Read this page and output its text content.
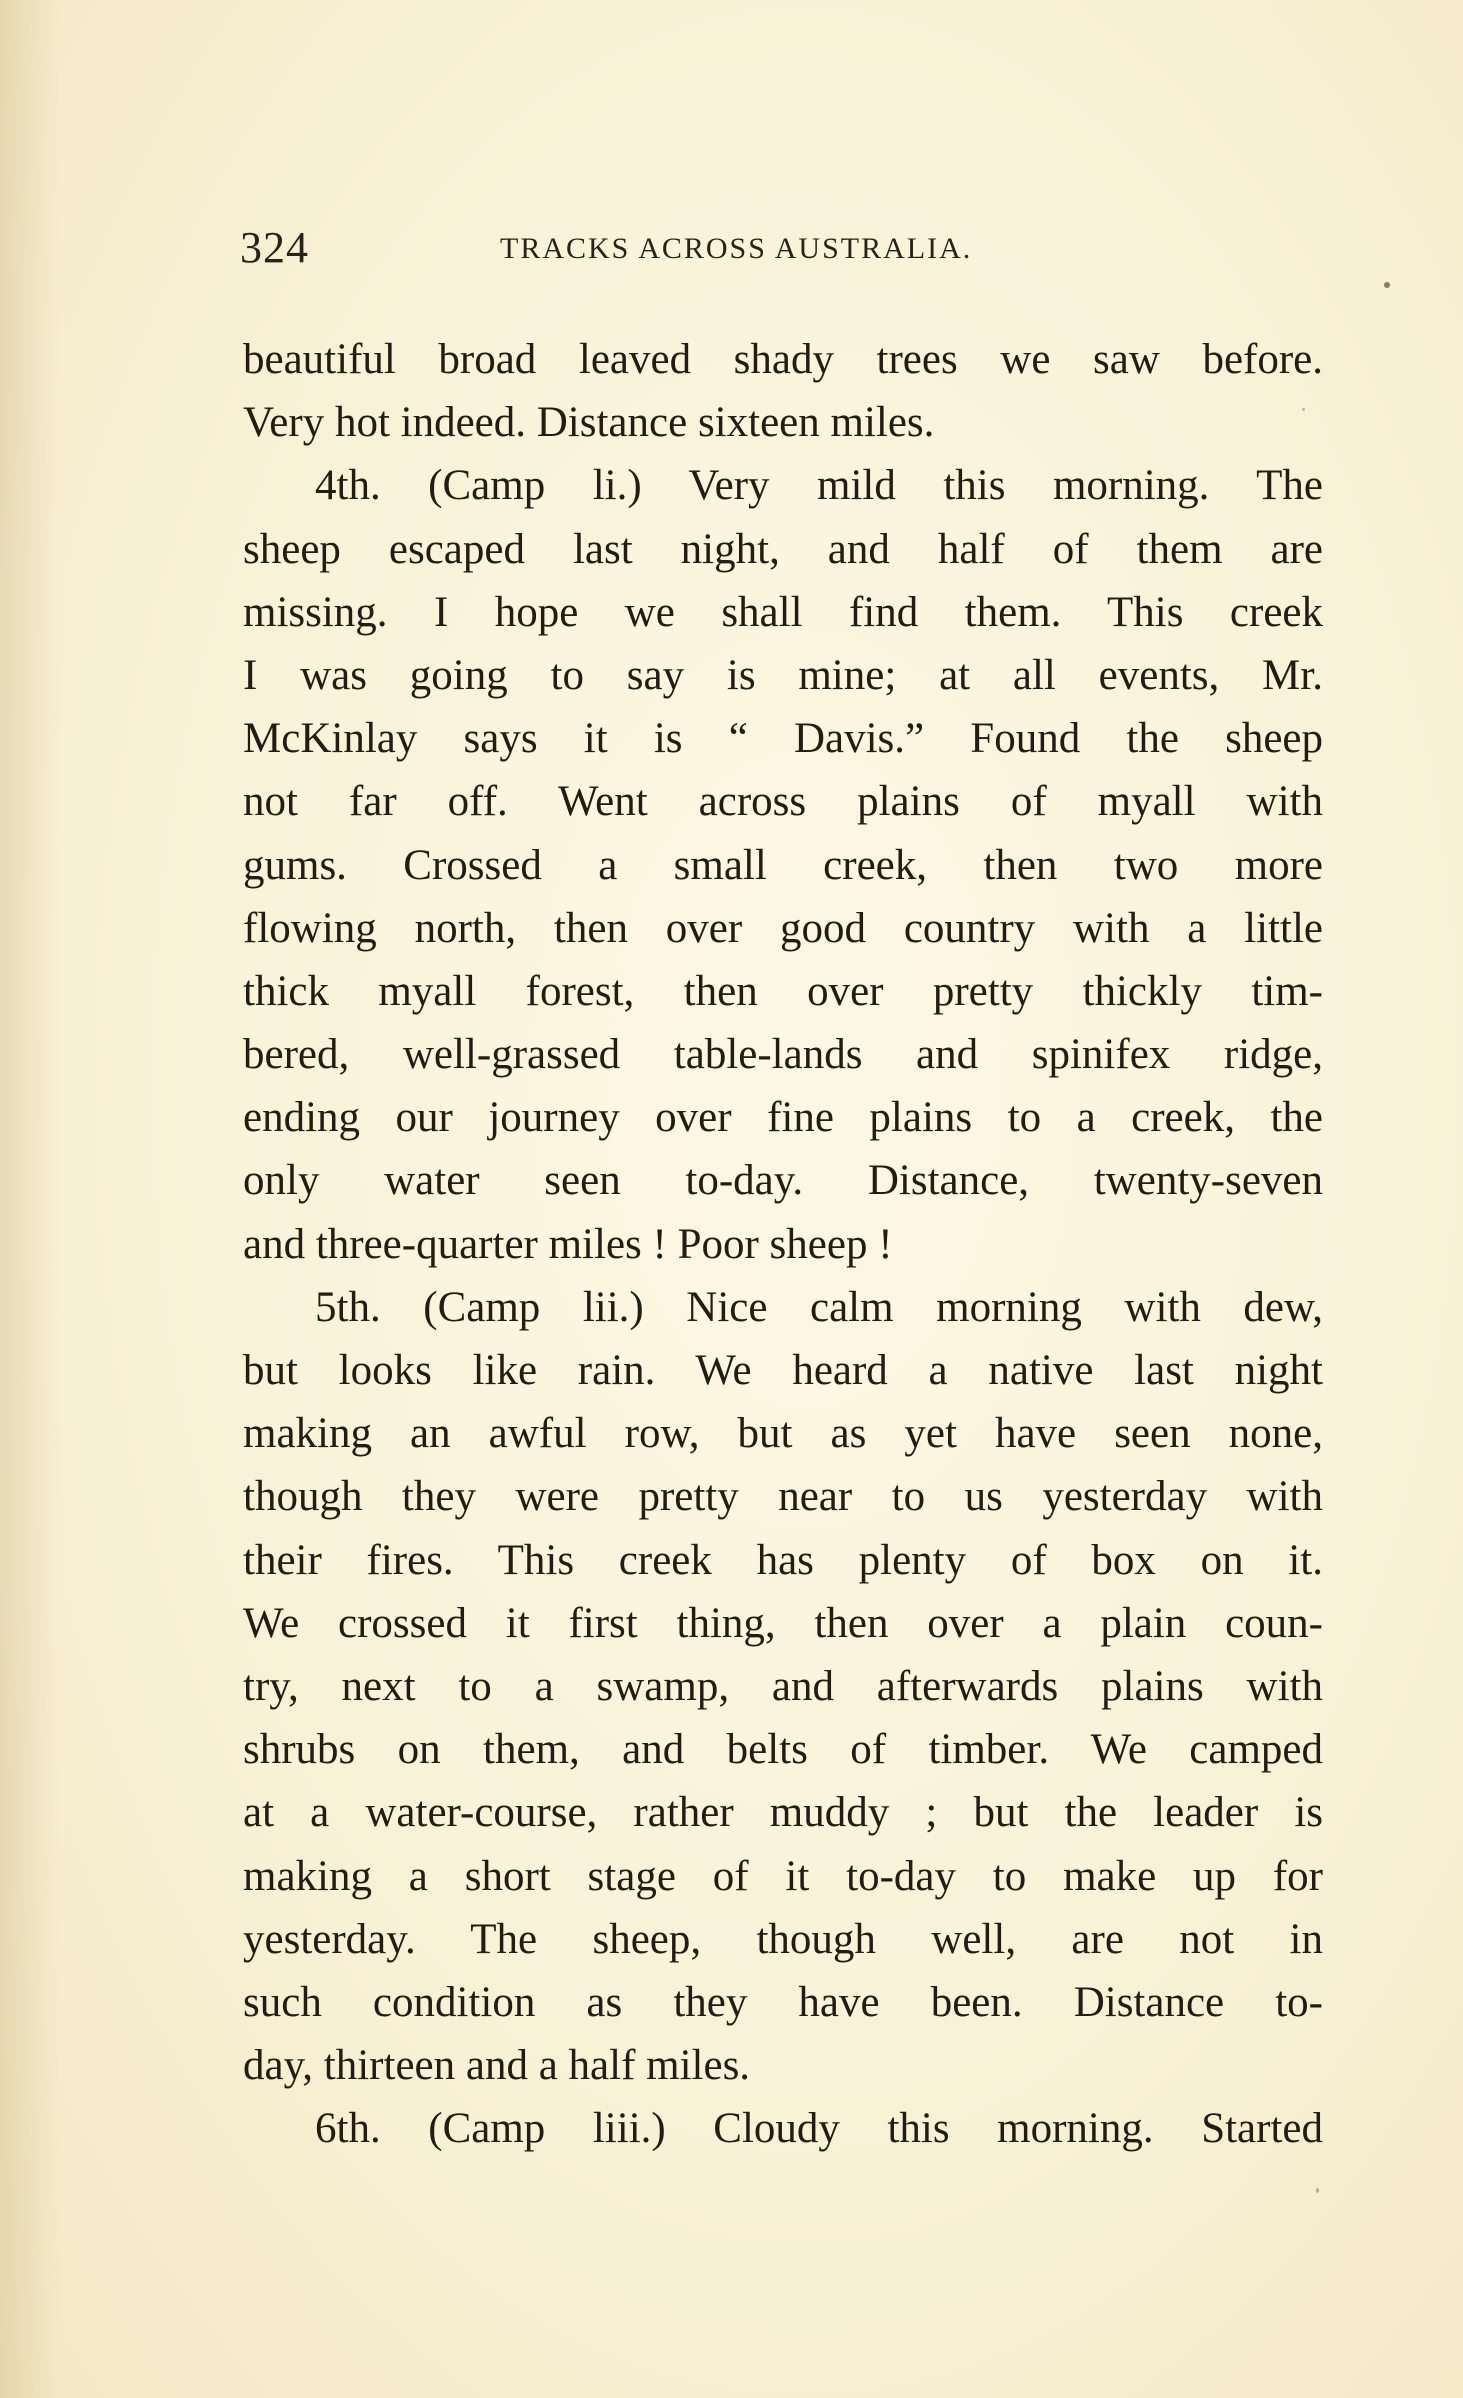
324	TRACKS ACROSS AUSTRALIA.
beautiful broad leaved shady trees we saw before.
Very hot indeed. Distance sixteen miles.
4th. (Camp li.) Very mild this morning. The
sheep escaped last night, and half of them are
missing. I hope we shall find them. This creek
I was going to say is mine; at all events, Mr.
McKinlay says it is “ Davis.” Found the sheep
not far off. Went across plains of myall with
gums. Crossed a small creek, then two more
flowing north, then over good country with a little
thick myall forest, then over pretty thickly tim-
bered, well-grassed table-lands and spinifex ridge,
ending our journey over fine plains to a creek, the
only water seen to-day. Distance, twenty-seven
and three-quarter miles ! Poor sheep !
5th. (Camp lii.) Nice calm morning with dew,
but looks like rain. We heard a native last night
making an awful row, but as yet have seen none,
though they were pretty near to us yesterday with
their fires. This creek has plenty of box on it.
We crossed it first thing, then over a plain coun-
try, next to a swamp, and afterwards plains with
shrubs on them, and belts of timber. We camped
at a water-course, rather muddy ; but the leader is
making a short stage of it to-day to make up for
yesterday. The sheep, though well, are not in
such condition as they have been. Distance to-
day, thirteen and a half miles.
6th. (Camp liii.) Cloudy this morning. Started
